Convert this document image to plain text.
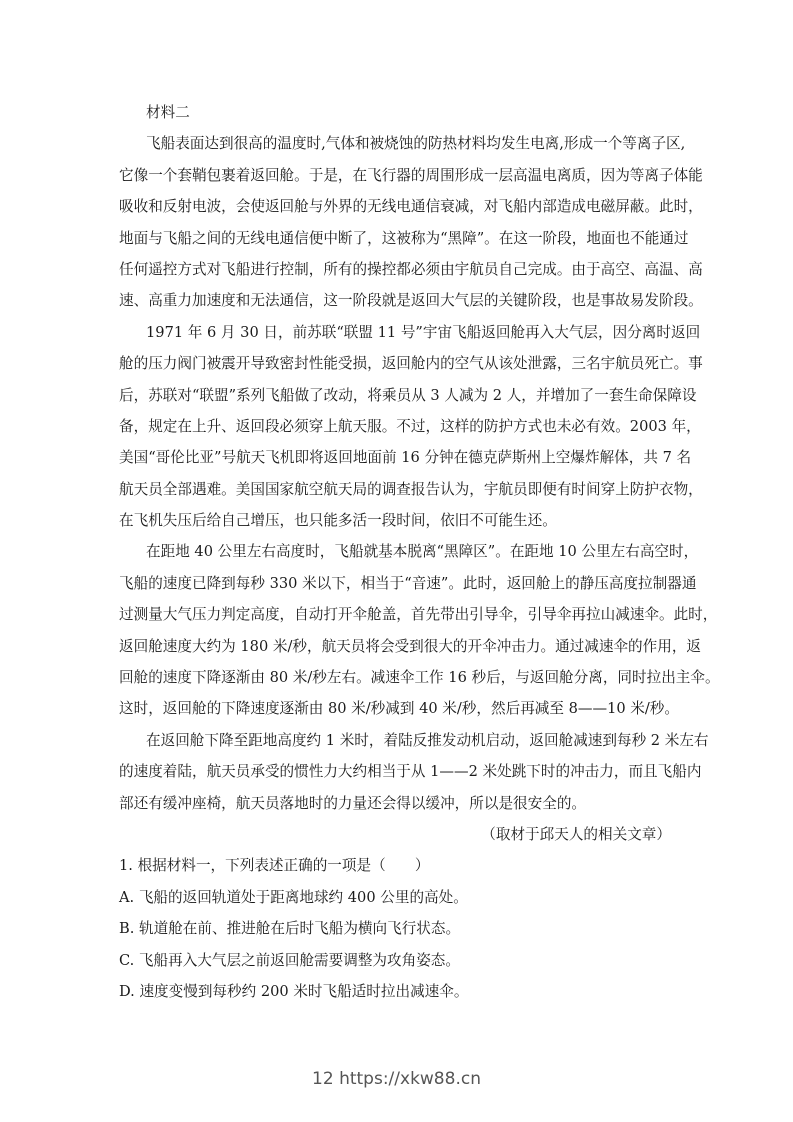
材料二
飞船表面达到很高的温度时,气体和被烧蚀的防热材料均发生电离,形成一个等离子区,
它像一个套鞘包裹着返回舱。于是，在飞行器的周围形成一层高温电离质，因为等离子体能
吸收和反射电波，会使返回舱与外界的无线电通信衰减，对飞船内部造成电磁屏蔽。此时，
地面与飞船之间的无线电通信便中断了，这被称为“黑障”。在这一阶段，地面也不能通过
任何遥控方式对飞船进行控制，所有的操控都必须由宇航员自己完成。由于高空、高温、高
速、高重力加速度和无法通信，这一阶段就是返回大气层的关键阶段，也是事故易发阶段。
1971 年 6 月 30 日，前苏联“联盟 11 号”宇宙飞船返回舱再入大气层，因分离时返回
舱的压力阀门被震开导致密封性能受损，返回舱内的空气从该处泄露，三名宇航员死亡。事
后，苏联对“联盟”系列飞船做了改动，将乘员从 3 人减为 2 人，并增加了一套生命保障设
备，规定在上升、返回段必须穿上航天服。不过，这样的防护方式也未必有效。2003 年，
美国“哥伦比亚”号航天飞机即将返回地面前 16 分钟在德克萨斯州上空爆炸解体，共 7 名
航天员全部遇难。美国国家航空航天局的调查报告认为，宇航员即便有时间穿上防护衣物，
在飞机失压后给自己增压，也只能多活一段时间，依旧不可能生还。
在距地 40 公里左右高度时，飞船就基本脱离“黑障区”。在距地 10 公里左右高空时，
飞船的速度已降到每秒 330 米以下，相当于“音速”。此时，返回舱上的静压高度拉制器通
过测量大气压力判定高度，自动打开伞舱盖，首先带出引导伞，引导伞再拉山减速伞。此时，
返回舱速度大约为 180 米/秒，航天员将会受到很大的开伞冲击力。通过减速伞的作用，返
回舱的速度下降逐渐由 80 米/秒左右。减速伞工作 16 秒后，与返回舱分离，同时拉出主伞。
这时，返回舱的下降速度逐渐由 80 米/秒减到 40 米/秒，然后再减至 8——10 米/秒。
在返回舱下降至距地高度约 1 米时，着陆反推发动机启动，返回舱减速到每秒 2 米左右
的速度着陆，航天员承受的惯性力大约相当于从 1——2 米处跳下时的冲击力，而且飞船内
部还有缓冲座椅，航天员落地时的力量还会得以缓冲，所以是很安全的。
（取材于邱天人的相关文章）
1. 根据材料一，下列表述正确的一项是（　　）
A. 飞船的返回轨道处于距离地球约 400 公里的高处。
B. 轨道舱在前、推进舱在后时飞船为横向飞行状态。
C. 飞船再入大气层之前返回舱需要调整为攻角姿态。
D. 速度变慢到每秒约 200 米时飞船适时拉出减速伞。
12 https://xkw88.cn
